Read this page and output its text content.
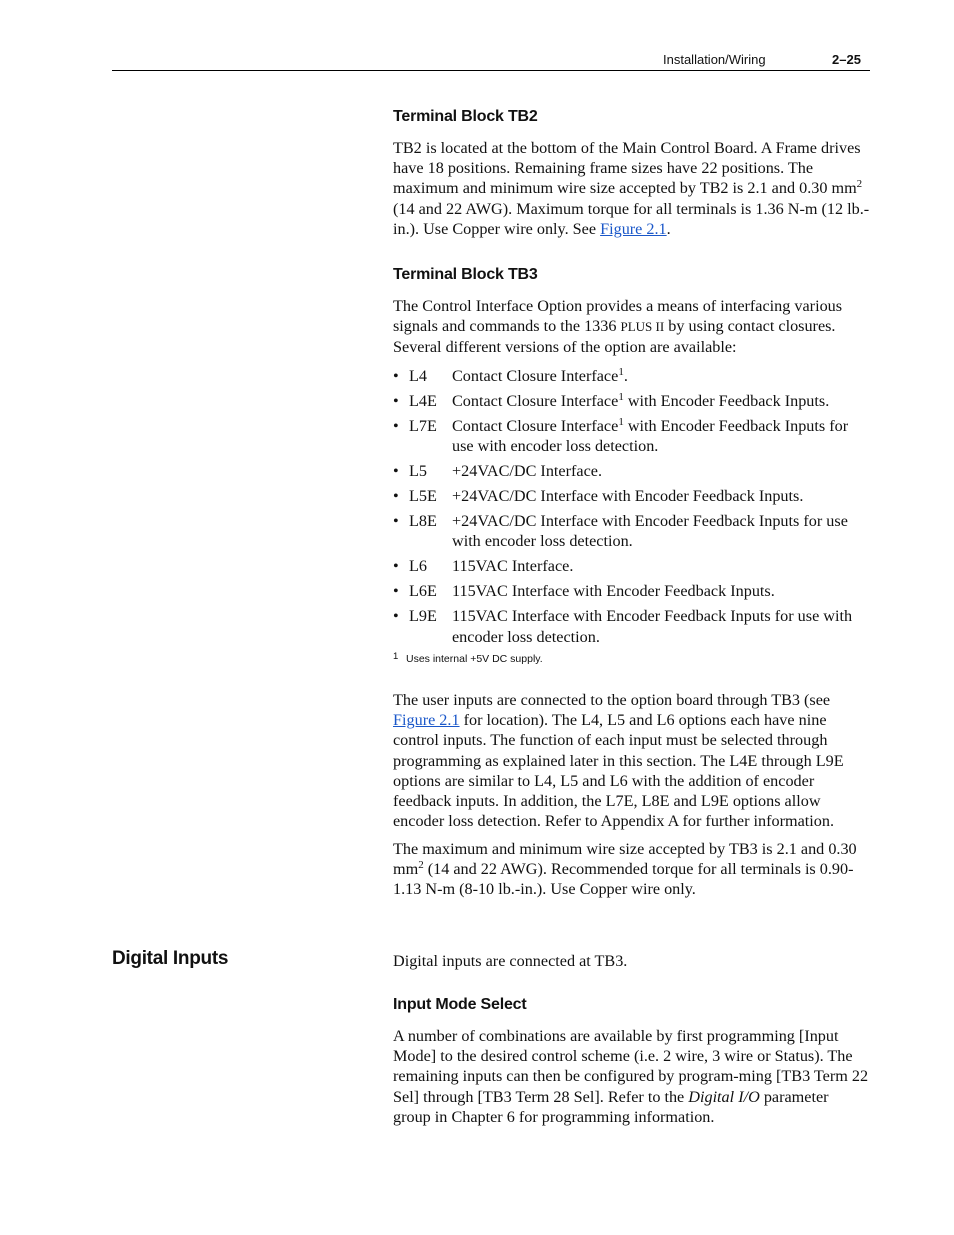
Installation/Wiring	2–25
Terminal Block TB2

TB2 is located at the bottom of the Main Control Board. A Frame drives have 18 positions. Remaining frame sizes have 22 positions. The maximum and minimum wire size accepted by TB2 is 2.1 and 0.30 $mm^2$ (14 and 22 AWG). Maximum torque for all terminals is 1.36 N-m (12 lb.-in.). Use Copper wire only. See Figure 2.1.

Terminal Block TB3

The Control Interface Option provides a means of interfacing various signals and commands to the 1336 PLUS II by using contact closures. Several different versions of the option are available:

• L4 Contact Closure Interface$^1$.
• L4E Contact Closure Interface$^1$ with Encoder Feedback Inputs.
• L7E Contact Closure Interface$^1$ with Encoder Feedback Inputs for use with encoder loss detection.
• L5 +24VAC/DC Interface.
• L5E +24VAC/DC Interface with Encoder Feedback Inputs.
• L8E +24VAC/DC Interface with Encoder Feedback Inputs for use with encoder loss detection.
• L6 115VAC Interface.
• L6E 115VAC Interface with Encoder Feedback Inputs.
• L9E 115VAC Interface with Encoder Feedback Inputs for use with encoder loss detection.
1 Uses internal +5V DC supply.

The user inputs are connected to the option board through TB3 (see Figure 2.1 for location). The L4, L5 and L6 options each have nine control inputs. The function of each input must be selected through programming as explained later in this section. The L4E through L9E options are similar to L4, L5 and L6 with the addition of encoder feedback inputs. In addition, the L7E, L8E and L9E options allow encoder loss detection. Refer to Appendix A for further information.

The maximum and minimum wire size accepted by TB3 is 2.1 and 0.30 $mm^2$ (14 and 22 AWG). Recommended torque for all terminals is 0.90-1.13 N-m (8-10 lb.-in.). Use Copper wire only.

Digital Inputs	Digital inputs are connected at TB3.

Input Mode Select

A number of combinations are available by first programming [Input Mode] to the desired control scheme (i.e. 2 wire, 3 wire or Status). The remaining inputs can then be configured by program-ming [TB3 Term 22 Sel] through [TB3 Term 28 Sel]. Refer to the Digital I/O parameter group in Chapter 6 for programming information.
